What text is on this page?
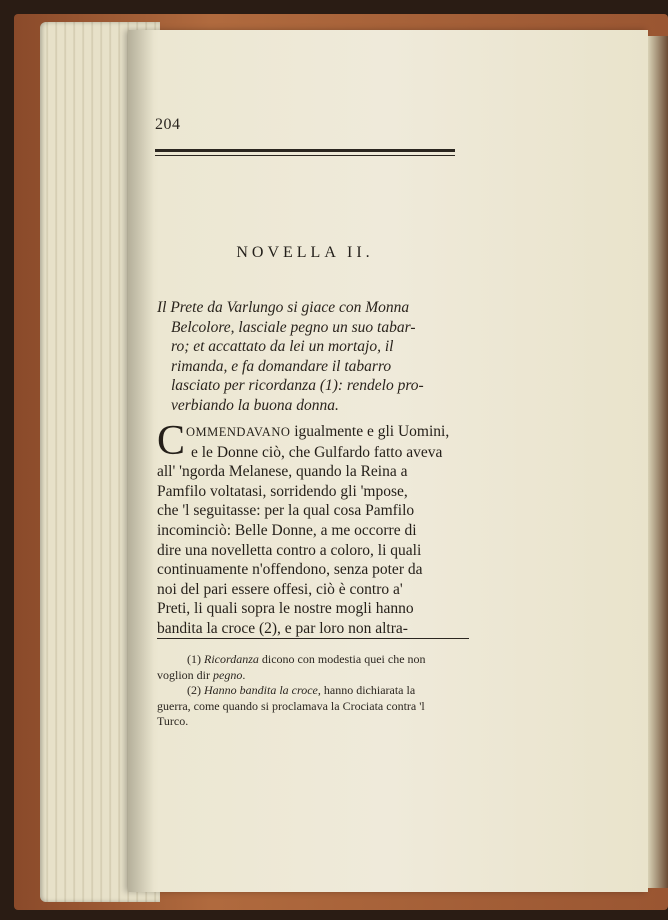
204
NOVELLA II.
Il Prete da Varlungo si giace con Monna
Belcolore, lasciale pegno un suo tabar-
ro; et accattato da lei un mortajo, il
rimanda, e fa domandare il tabarro
lasciato per ricordanza (1): rendelo pro-
verbiando la buona donna.
C OMMENDAVANO igualmente e gli Uomini,
e le Donne ciò, che Gulfardo fatto aveva
all' 'ngorda Melanese, quando la Reina a
Pamfilo voltatasi, sorridendo gli 'mpose,
che 'l seguitasse: per la qual cosa Pamfilo
incominciò: Belle Donne, a me occorre di
dire una novelletta contro a coloro, li quali
continuamente n'offendono, senza poter da
noi del pari essere offesi, ciò è contro a'
Preti, li quali sopra le nostre mogli hanno
bandita la croce (2), e par loro non altra-
(1) Ricordanza dicono con modestia quei che non
voglion dir pegno.
(2) Hanno bandita la croce, hanno dichiarata la
guerra, come quando si proclamava la Crociata contra 'l
Turco.
